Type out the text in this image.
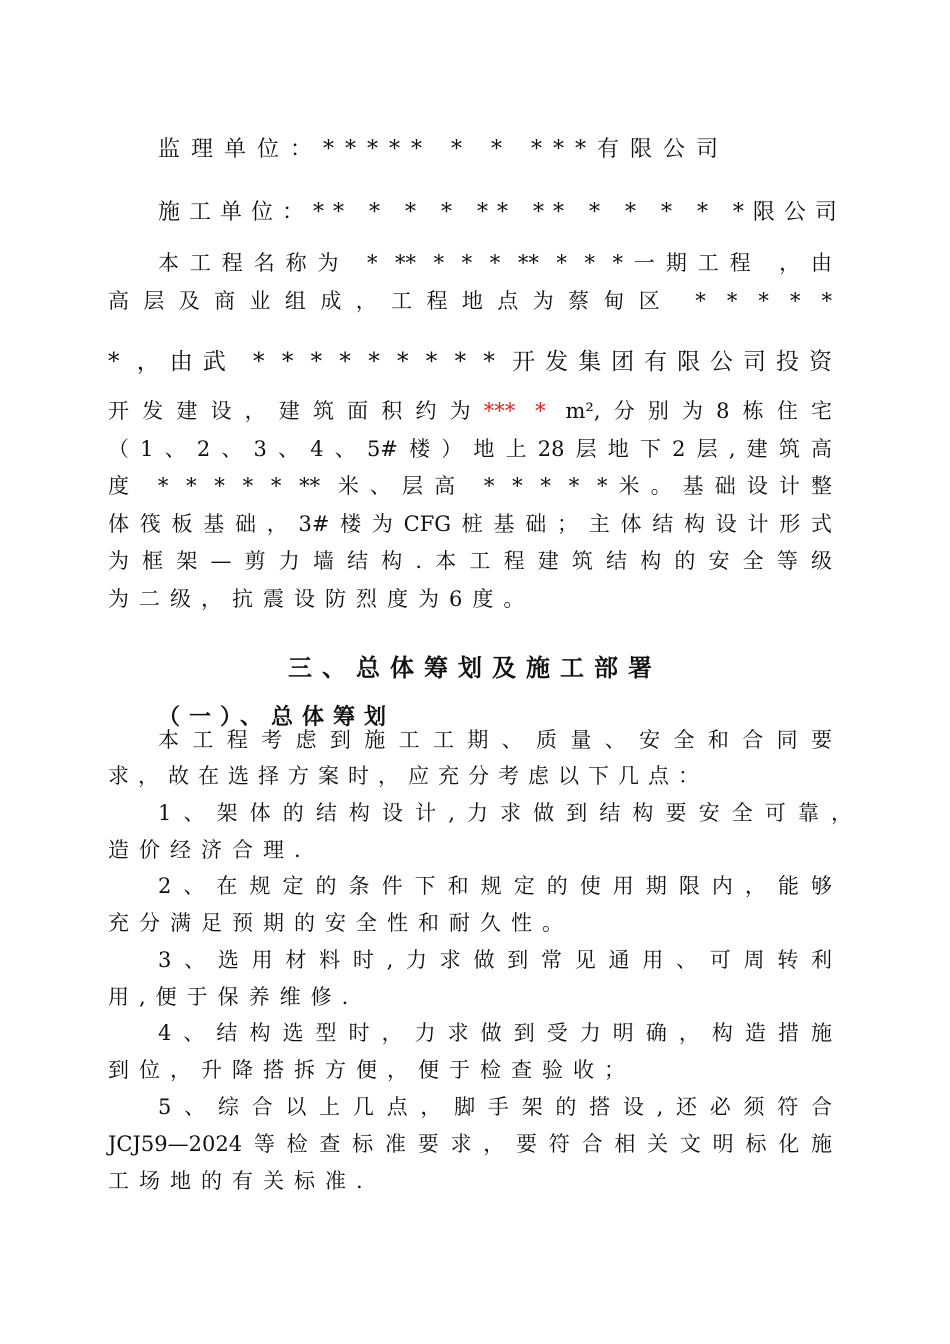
监理单位：***** * * ***有限公司
施工单位：** * * * ** ** * * * * *限公司
本工程名称为 * ** * * * ** * * *一期工程 ，由
高层及商业组成，工程地点为蔡甸区 * * * * *
* ，由武 * * * * * * * * * 开发集团有限公司投资
开发建设，建筑面积约为*** * m²,分别为8栋住宅
（1、2、3、4、5#楼）地上28层地下2层,建筑高
度 * * * * * ** 米、层高 * * * * *米。基础设计整
体筏板基础，3#楼为CFG桩基础；主体结构设计形式
为框架—剪力墙结构.本工程建筑结构的安全等级
为二级，抗震设防烈度为6度。
三、总体筹划及施工部署
（一）、总体筹划
本工程考虑到施工工期、质量、安全和合同要
求，故在选择方案时，应充分考虑以下几点：
1、架体的结构设计,力求做到结构要安全可靠，
造价经济合理.
2、在规定的条件下和规定的使用期限内，能够
充分满足预期的安全性和耐久性。
3、选用材料时,力求做到常见通用、可周转利
用,便于保养维修.
4、结构选型时，力求做到受力明确，构造措施
到位，升降搭拆方便，便于检查验收；
5、综合以上几点，脚手架的搭设,还必须符合
JCJ59—2024等检查标准要求，要符合相关文明标化施
工场地的有关标准.
